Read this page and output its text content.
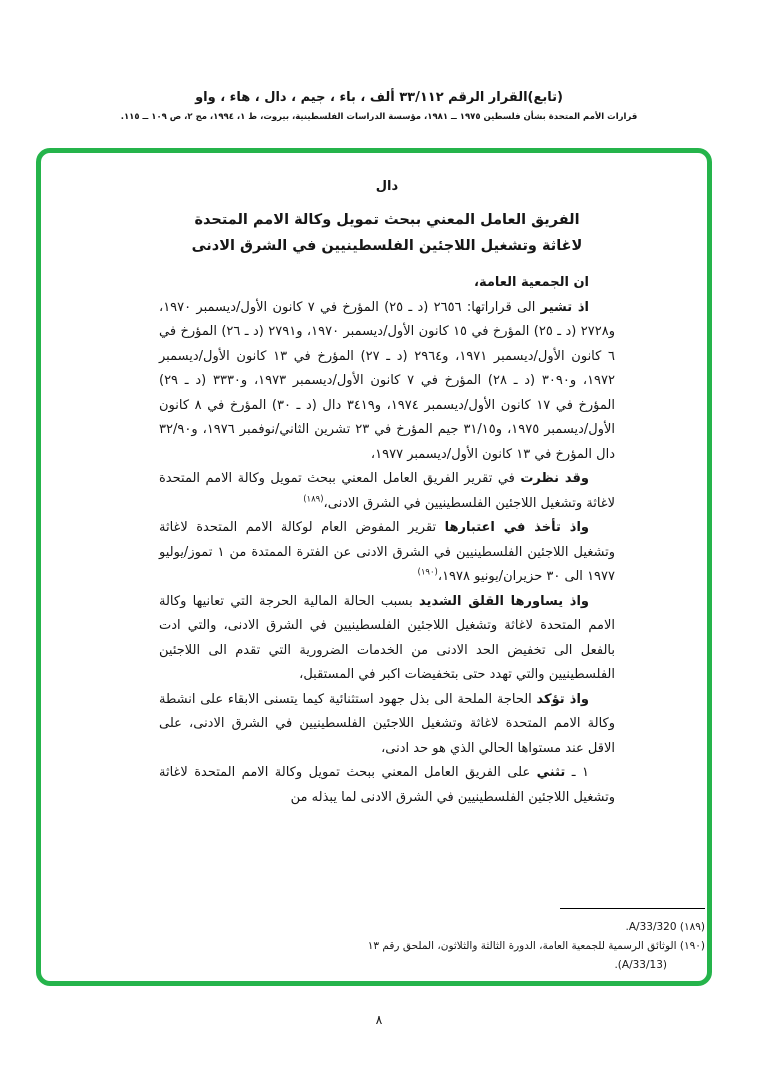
(تابع)القرار الرقم ٣٣/١١٢ ألف ، باء ، جيم ، دال ، هاء ، واو
قرارات الأمم المتحدة بشأن فلسطين ١٩٧٥ ــ ١٩٨١، مؤسسة الدراسات الفلسطينية، بيروت، ط ١، ١٩٩٤، مج ٢، ص ١٠٩ ــ ١١٥.
دال
الفريق العامل المعني ببحث تمويل وكالة الامم المتحدة
لاغاثة وتشغيل اللاجئين الفلسطينيين في الشرق الادنى

ان الجمعية العامة،

اذ تشير الى قراراتها: ٢٦٥٦ (د ـ ٢٥) المؤرخ في ٧ كانون الأول/ديسمبر ١٩٧٠، و٢٧٢٨ (د ـ ٢٥) المؤرخ في ١٥ كانون الأول/ديسمبر ١٩٧٠، و٢٧٩١ (د ـ ٢٦) المؤرخ في ٦ كانون الأول/ديسمبر ١٩٧١، و٢٩٦٤ (د ـ ٢٧) المؤرخ في ١٣ كانون الأول/ديسمبر ١٩٧٢، و٣٠٩٠ (د ـ ٢٨) المؤرخ في ٧ كانون الأول/ديسمبر ١٩٧٣، و٣٣٣٠ (د ـ ٢٩) المؤرخ في ١٧ كانون الأول/ديسمبر ١٩٧٤، و٣٤١٩ دال (د ـ ٣٠) المؤرخ في ٨ كانون الأول/ديسمبر ١٩٧٥، و٣١/١٥ جيم المؤرخ في ٢٣ تشرين الثاني/نوفمبر ١٩٧٦، و٣٢/٩٠ دال المؤرخ في ١٣ كانون الأول/ديسمبر ١٩٧٧،

وقد نظرت في تقرير الفريق العامل المعني ببحث تمويل وكالة الامم المتحدة لاغاثة وتشغيل اللاجئين الفلسطينيين في الشرق الادنى،$^{(١٨٩)}$

واذ تأخذ في اعتبارها تقرير المفوض العام لوكالة الامم المتحدة لاغاثة وتشغيل اللاجئين الفلسطينيين في الشرق الادنى عن الفترة الممتدة من ١ تموز/يوليو ١٩٧٧ الى ٣٠ حزيران/يونيو ١٩٧٨،$^{(١٩٠)}$

واذ يساورها القلق الشديد بسبب الحالة المالية الحرجة التي تعانيها وكالة الامم المتحدة لاغاثة وتشغيل اللاجئين الفلسطينيين في الشرق الادنى، والتي ادت بالفعل الى تخفيض الحد الادنى من الخدمات الضرورية التي تقدم الى اللاجئين الفلسطينيين والتي تهدد حتى بتخفيضات اكبر في المستقبل،

واذ تؤكد الحاجة الملحة الى بذل جهود استثنائية كيما يتسنى الابقاء على انشطة وكالة الامم المتحدة لاغاثة وتشغيل اللاجئين الفلسطينيين في الشرق الادنى، على الاقل عند مستواها الحالي الذي هو حد ادنى،

١ ـ تثني على الفريق العامل المعني ببحث تمويل وكالة الامم المتحدة لاغاثة وتشغيل اللاجئين الفلسطينيين في الشرق الادنى لما يبذله من

(١٨٩) A/33/320.

(١٩٠) الوثائق الرسمية للجمعية العامة، الدورة الثالثة والثلاثون، الملحق رقم ١٣ (A/33/13).

٨
